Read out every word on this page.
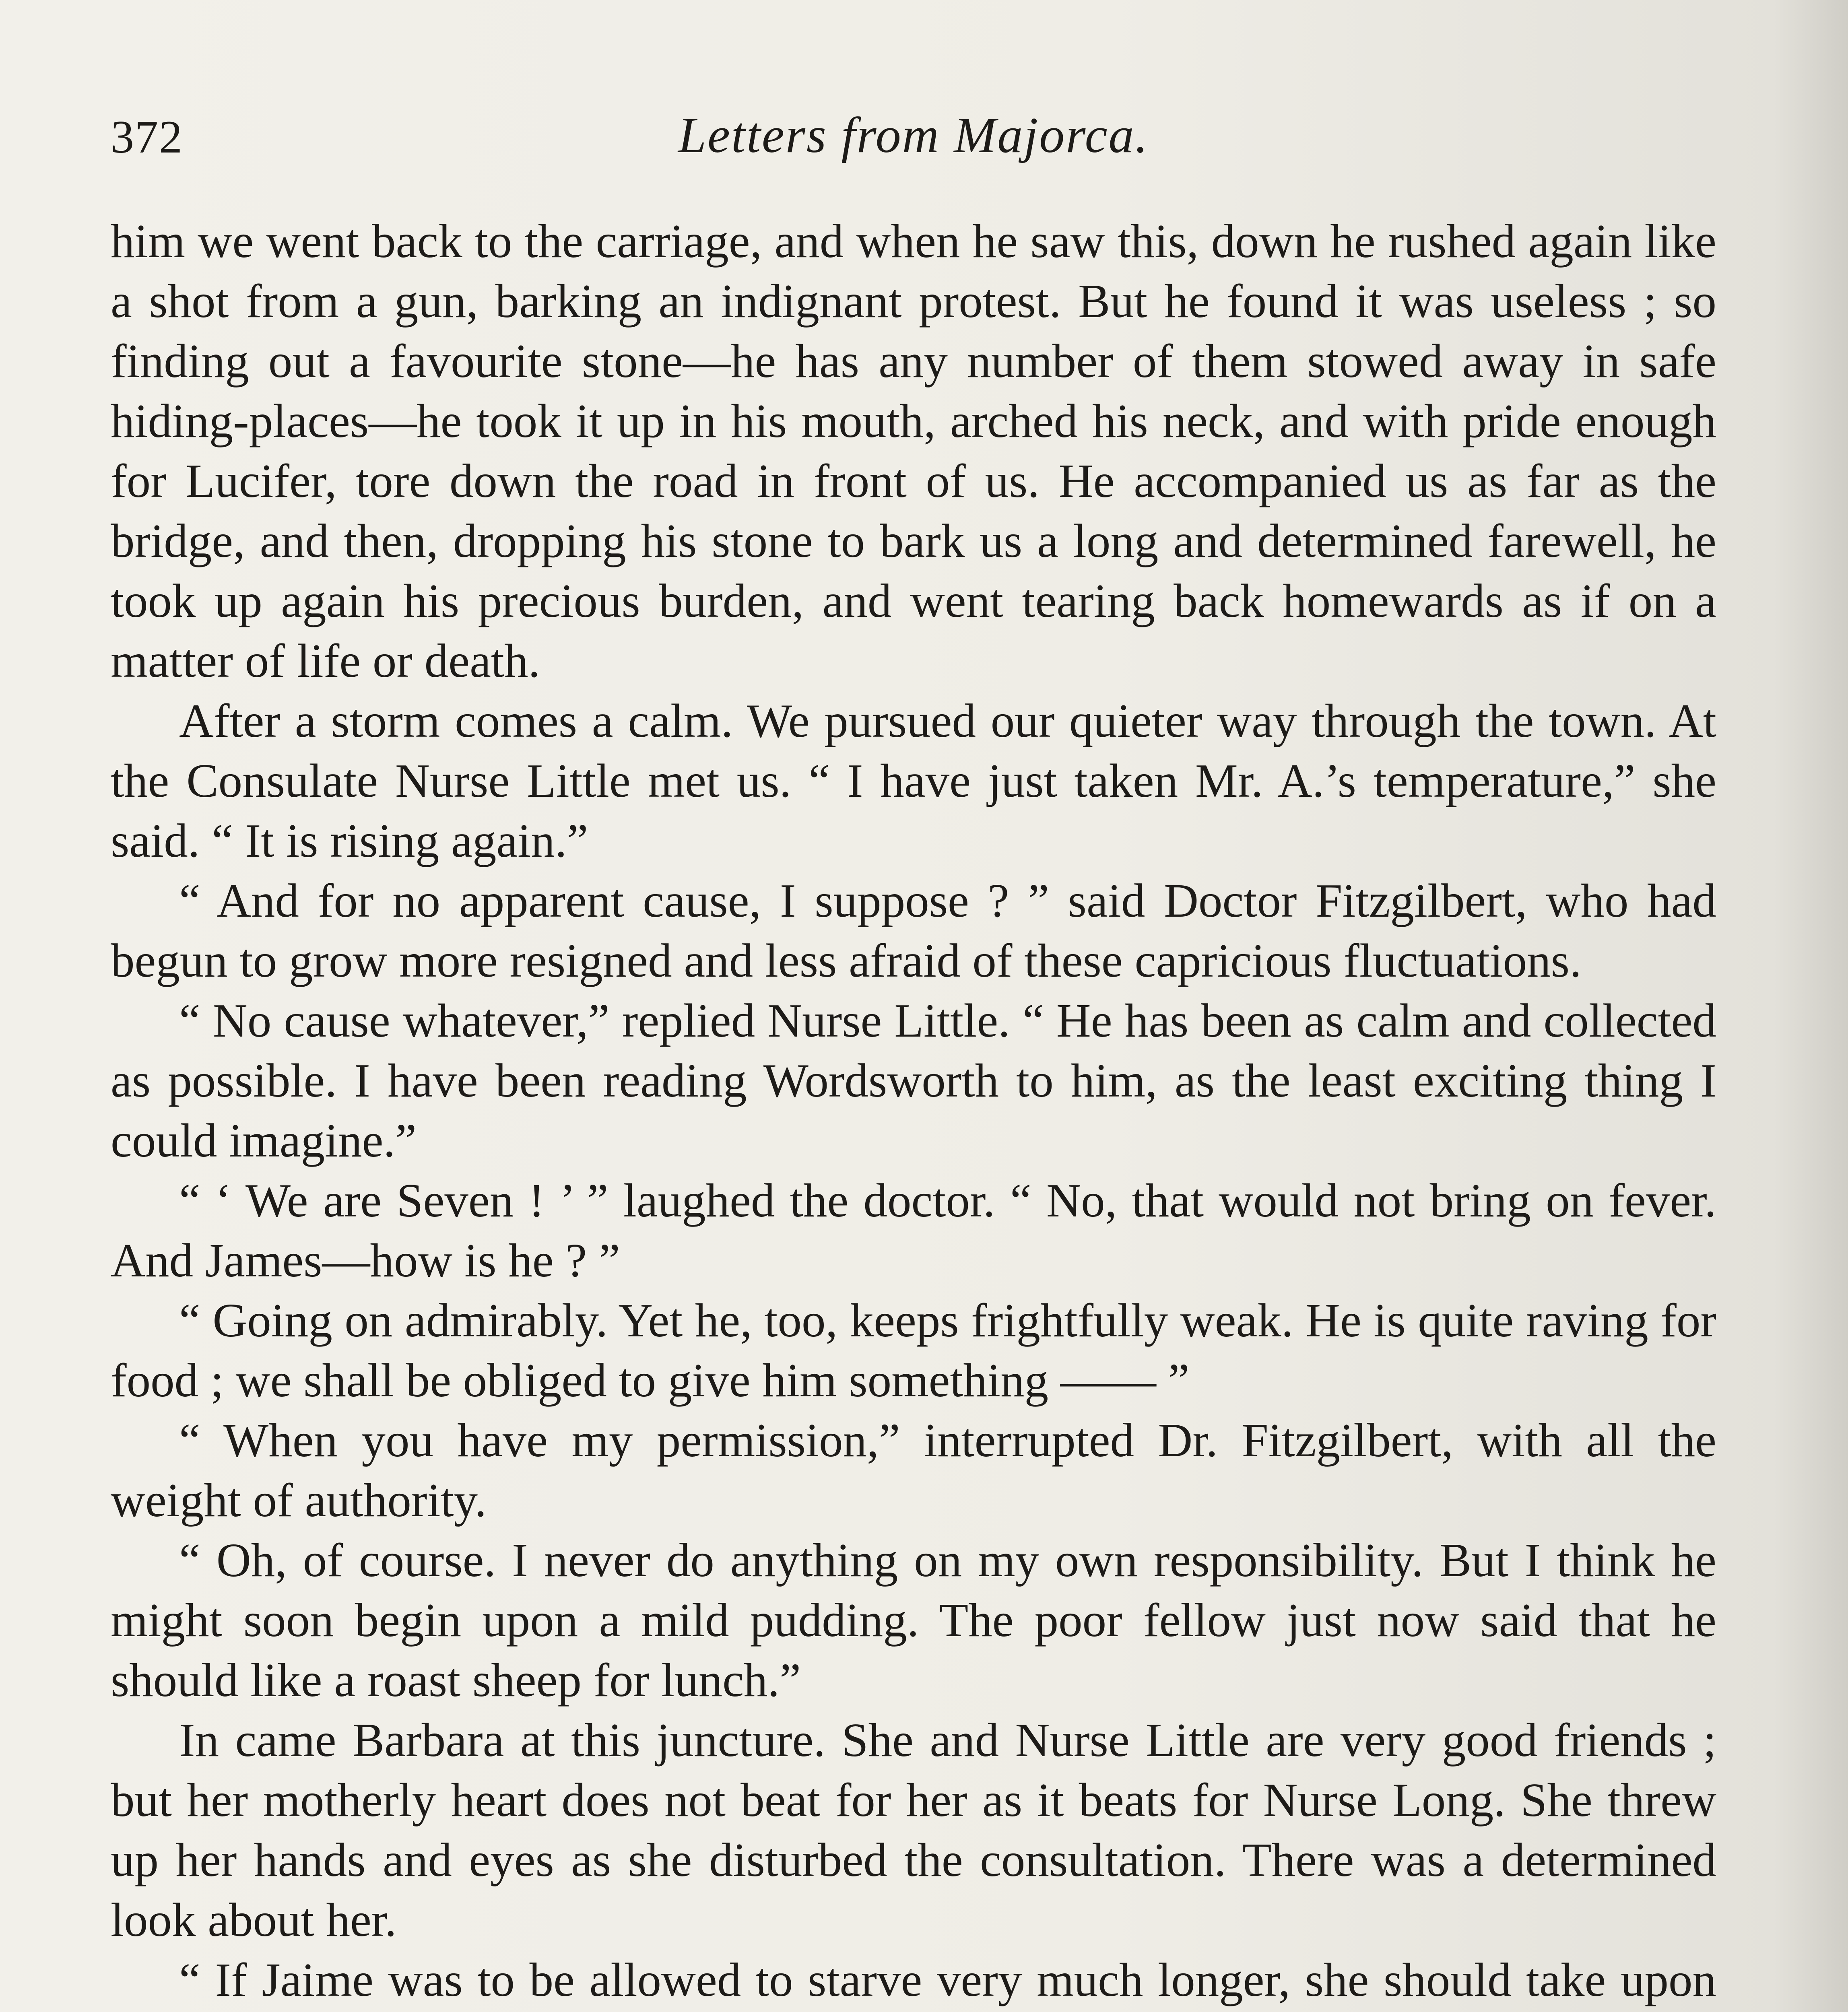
372	Letters from Majorca.

him we went back to the carriage, and when he saw this, down he rushed again like a shot from a gun, barking an indignant protest. But he found it was useless ; so finding out a favourite stone—he has any number of them stowed away in safe hiding-places—he took it up in his mouth, arched his neck, and with pride enough for Lucifer, tore down the road in front of us. He accompanied us as far as the bridge, and then, dropping his stone to bark us a long and determined farewell, he took up again his precious burden, and went tearing back homewards as if on a matter of life or death.

After a storm comes a calm. We pursued our quieter way through the town. At the Consulate Nurse Little met us. “ I have just taken Mr. A.’s temperature,” she said. “ It is rising again.”

“ And for no apparent cause, I suppose ? ” said Doctor Fitzgilbert, who had begun to grow more resigned and less afraid of these capricious fluctuations.

“ No cause whatever,” replied Nurse Little. “ He has been as calm and collected as possible. I have been reading Wordsworth to him, as the least exciting thing I could imagine.”

“ ‘ We are Seven ! ’ ” laughed the doctor. “ No, that would not bring on fever. And James—how is he ? ”

“ Going on admirably. Yet he, too, keeps frightfully weak. He is quite raving for food ; we shall be obliged to give him something —— ”

“ When you have my permission,” interrupted Dr. Fitzgilbert, with all the weight of authority.

“ Oh, of course. I never do anything on my own responsibility. But I think he might soon begin upon a mild pudding. The poor fellow just now said that he should like a roast sheep for lunch.”

In came Barbara at this juncture. She and Nurse Little are very good friends ; but her motherly heart does not beat for her as it beats for Nurse Long. She threw up her hands and eyes as she disturbed the consultation. There was a determined look about her.

“ If Jaime was to be allowed to starve very much longer, she should take upon
